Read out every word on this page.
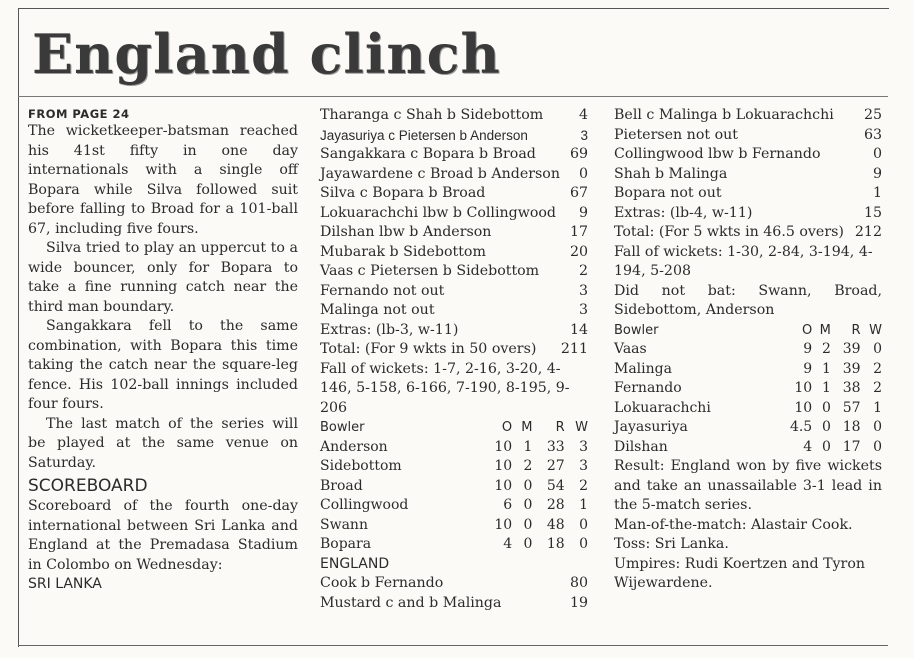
England clinch
FROM PAGE 24

The wicketkeeper-batsman reached his 41st fifty in one day internationals with a single off Bopara while Silva followed suit before falling to Broad for a 101-ball 67, including five fours.

Silva tried to play an uppercut to a wide bouncer, only for Bopara to take a fine running catch near the third man boundary.

Sangakkara fell to the same combination, with Bopara this time taking the catch near the square-leg fence. His 102-ball innings included four fours.

The last match of the series will be played at the same venue on Saturday.

SCOREBOARD

Scoreboard of the fourth one-day international between Sri Lanka and England at the Premadasa Stadium in Colombo on Wednesday:

SRI LANKA
Tharanga c Shah b Sidebottom	4
Jayasuriya c Pietersen b Anderson	3
Sangakkara c Bopara b Broad 69
Jayawardene c Broad b Anderson 0
Silva c Bopara b Broad	67
Lokuarachchi lbw b Collingwood 9
Dilshan lbw b Anderson	17
Mubarak b Sidebottom	20
Vaas c Pietersen b Sidebottom	2
Fernando not out	3
Malinga not out	3
Extras: (lb-3, w-11)	14
Total: (For 9 wkts in 50 overs) 211

Fall of wickets: 1-7, 2-16, 3-20, 4-146, 5-158, 6-166, 7-190, 8-195, 9-206

Bowler	O	M	R	W
Anderson	10	1	33	3
Sidebottom	10	2	27	3
Broad	10	0	54	2
Collingwood	6	0	28	1
Swann	10	0	48	0
Bopara	4	0	18	0
ENGLAND
Cook b Fernando	80
Mustard c and b Malinga	19
Bell c Malinga b Lokuarachchi 25
Pietersen not out	63
Collingwood lbw b Fernando	0
Shah b Malinga	9
Bopara not out	1
Extras: (lb-4, w-11)	15
Total: (For 5 wkts in 46.5 overs) 212

Fall of wickets: 1-30, 2-84, 3-194, 4-194, 5-208

Did not bat: Swann, Broad, Sidebottom, Anderson

Bowler	O	M	R	W
Vaas	9	2	39	0
Malinga	9	1	39	2
Fernando	10	1	38	2
Lokuarachchi	10	0	57	1
Jayasuriya	4.5	0	18	0
Dilshan	4	0	17	0

Result: England won by five wickets and take an unassailable 3-1 lead in the 5-match series.

Man-of-the-match: Alastair Cook.

Toss: Sri Lanka.

Umpires: Rudi Koertzen and Tyron Wijewardene.
